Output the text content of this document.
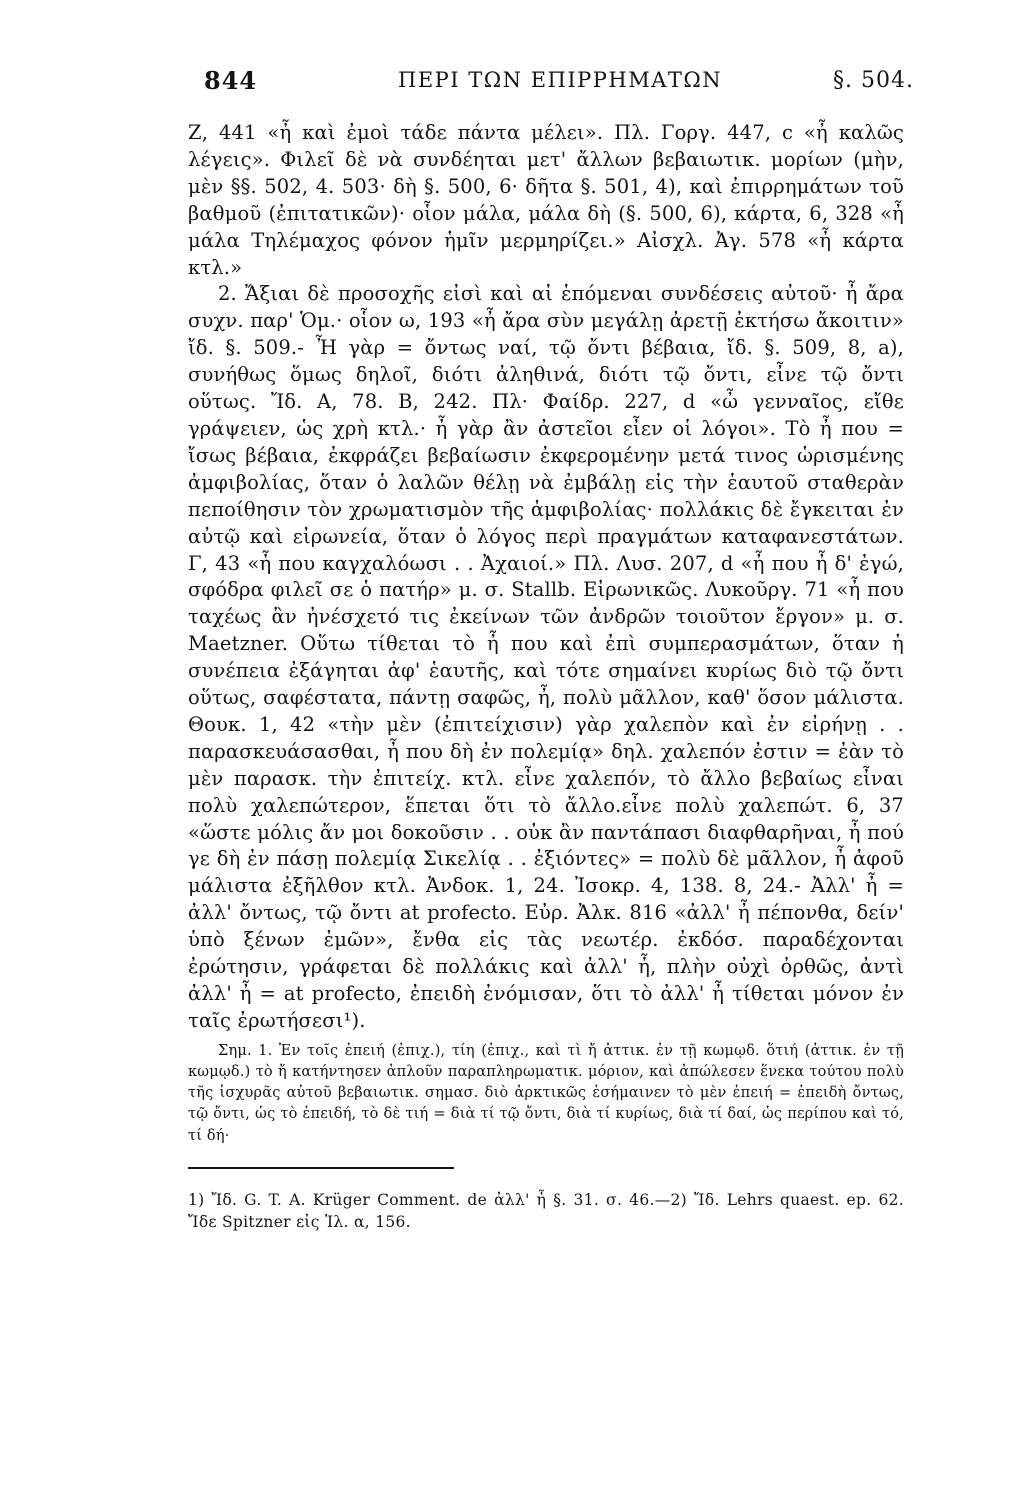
844	ΠΕΡΙ ΤΩΝ ΕΠΙΡΡΗΜΑΤΩΝ	§. 504.

Ζ, 441 «ἦ καὶ ἐμοὶ τάδε πάντα μέλει». Πλ. Γοργ. 447, c «ἦ καλῶς λέγεις». Φιλεῖ δὲ νὰ συνδέηται μετ' ἄλλων βεβαιωτικ. μορίων (μὴν, μὲν §§. 502, 4. 503· δὴ §. 500, 6· δῆτα §. 501, 4), καὶ ἐπιρρημάτων τοῦ βαθμοῦ (ἐπιτατικῶν)· οἷον μάλα, μάλα δὴ (§. 500, 6), κάρτα, 6, 328 «ἦ μάλα Τηλέμαχος φόνον ἡμῖν μερμηρίζει.» Αἰσχλ. Ἀγ. 578 «ἦ κάρτα κτλ.»

2. Ἄξιαι δὲ προσοχῆς εἰσὶ καὶ αἱ ἑπόμεναι συνδέσεις αὐτοῦ· ἦ ἄρα συχν. παρ' Ὁμ.· οἷον ω, 193 «ἦ ἄρα σὺν μεγάλῃ ἀρετῇ ἐκτήσω ἄκοιτιν» ἴδ. §. 509.- Ἦ γὰρ = ὄντως ναί, τῷ ὄντι βέβαια, ἴδ. §. 509, 8, a), συνήθως ὅμως δηλοῖ, διότι ἀληθινά, διότι τῷ ὄντι, εἶνε τῷ ὄντι οὕτως. Ἴδ. Α, 78. Β, 242. Πλ· Φαίδρ. 227, d «ὦ γενναῖος, εἴθε γράψειεν, ὡς χρὴ κτλ.· ἦ γὰρ ἂν ἀστεῖοι εἶεν οἱ λόγοι». Τὸ ἦ που = ἴσως βέβαια, ἐκφράζει βεβαίωσιν ἐκφερομένην μετά τινος ὡρισμένης ἀμφιβολίας, ὅταν ὁ λαλῶν θέλῃ νὰ ἐμβάλῃ εἰς τὴν ἑαυτοῦ σταθερὰν πεποίθησιν τὸν χρωματισμὸν τῆς ἀμφιβολίας· πολλάκις δὲ ἔγκειται ἐν αὐτῷ καὶ εἰρωνεία, ὅταν ὁ λόγος περὶ πραγμάτων καταφανεστάτων. Γ, 43 «ἦ που καγχαλόωσι . . Ἀχαιοί.» Πλ. Λυσ. 207, d «ἦ που ἦ δ' ἐγώ, σφόδρα φιλεῖ σε ὁ πατήρ» μ. σ. Stallb. Εἰρωνικῶς. Λυκοῦργ. 71 «ἦ που ταχέως ἂν ἠνέσχετό τις ἐκείνων τῶν ἀνδρῶν τοιοῦτον ἔργον» μ. σ. Maetzner. Οὕτω τίθεται τὸ ἦ που καὶ ἐπὶ συμπερασμάτων, ὅταν ἡ συνέπεια ἐξάγηται ἀφ' ἑαυτῆς, καὶ τότε σημαίνει κυρίως διὸ τῷ ὄντι οὕτως, σαφέστατα, πάντῃ σαφῶς, ἦ, πολὺ μᾶλλον, καθ' ὅσον μάλιστα. Θουκ. 1, 42 «τὴν μὲν (ἐπιτείχισιν) γὰρ χαλεπὸν καὶ ἐν εἰρήνῃ . . παρασκευάσασθαι, ἦ που δὴ ἐν πολεμίᾳ» δηλ. χαλεπόν ἐστιν = ἐὰν τὸ μὲν παρασκ. τὴν ἐπιτείχ. κτλ. εἶνε χαλεπόν, τὸ ἄλλο βεβαίως εἶναι πολὺ χαλεπώτερον, ἕπεται ὅτι τὸ ἄλλο.εἶνε πολὺ χαλεπώτ. 6, 37 «ὥστε μόλις ἄν μοι δοκοῦσιν . . οὐκ ἂν παντάπασι διαφθαρῆναι, ἦ πού γε δὴ ἐν πάσῃ πολεμίᾳ Σικελίᾳ . . ἐξιόντες» = πολὺ δὲ μᾶλλον, ἦ ἀφοῦ μάλιστα ἐξῆλθον κτλ. Ἀνδοκ. 1, 24. Ἰσοκρ. 4, 138. 8, 24.- Ἀλλ' ἦ = ἀλλ' ὄντως, τῷ ὄντι at profecto. Εὐρ. Ἀλκ. 816 «ἀλλ' ἦ πέπονθα, δείν' ὑπὸ ξένων ἐμῶν», ἔνθα εἰς τὰς νεωτέρ. ἐκδόσ. παραδέχονται ἐρώτησιν, γράφεται δὲ πολλάκις καὶ ἀλλ' ἦ, πλὴν οὐχὶ ὀρθῶς, ἀντὶ ἀλλ' ἦ = at profecto, ἐπειδὴ ἐνόμισαν, ὅτι τὸ ἀλλ' ἦ τίθεται μόνον ἐν ταῖς ἐρωτήσεσι¹).

Σημ. 1. Ἐν τοῖς ἐπειή (ἐπιχ.), τίη (ἐπιχ., καὶ τὶ ἤ ἀττικ. ἐν τῇ κωμῳδ. ὅτιή (ἀττικ. ἐν τῇ κωμῳδ.) τὸ ἤ κατήντησεν ἁπλοῦν παραπληρωματικ. μόριον, καὶ ἀπώλεσεν ἕνεκα τούτου πολὺ τῆς ἰσχυρᾶς αὐτοῦ βεβαιωτικ. σημασ. διὸ ἀρκτικῶς ἐσήμαινεν τὸ μὲν ἐπειή = ἐπειδὴ ὄντως, τῷ ὄντι, ὡς τὸ ἐπειδή, τὸ δὲ τιή = διὰ τί τῷ ὄντι, διὰ τί κυρίως, διὰ τί δαί, ὡς περίπου καὶ τό, τί δή·

1) Ἴδ. G. T. A. Krüger Comment. de ἀλλ' ἦ §. 31. σ. 46.—2) Ἴδ. Lehrs quaest. ep. 62. Ἴδε Spitzner εἰς Ἰλ. α, 156.
